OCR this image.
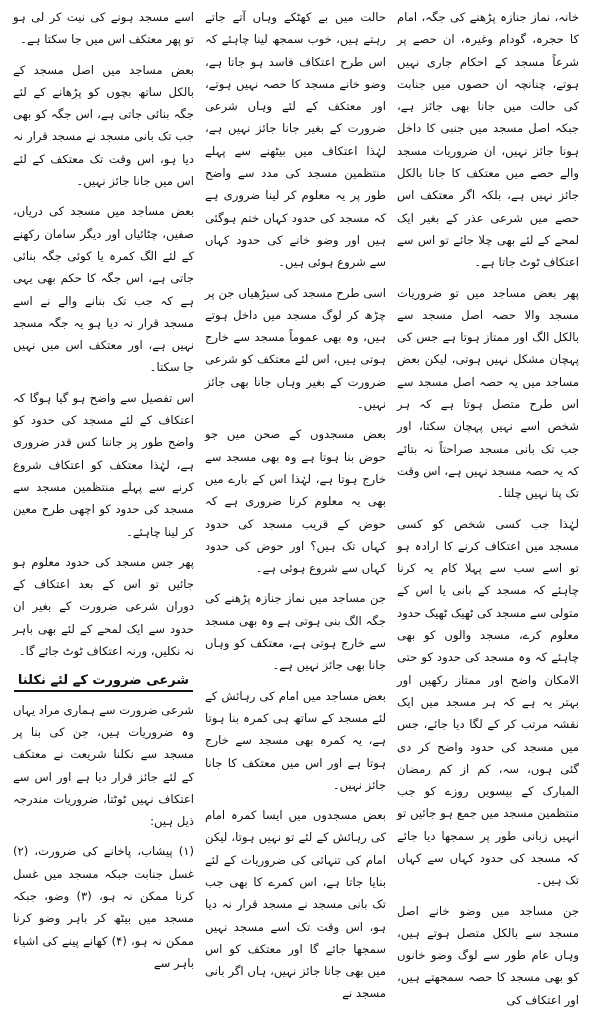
خانہ، نماز جنازہ پڑھنے کی جگہ، امام کا حجرہ، گودام وغیرہ، ان حصے پر شرعاً مسجد کے احکام جاری نہیں ہوتے، چنانچہ ان حصوں میں جنابت کی حالت میں جانا بھی جائز ہے، جبکہ اصل مسجد میں جنبی کا داخل ہونا جائز نہیں، ان ضروریات مسجد والے حصے میں معتکف کا جانا بالکل جائز نہیں ہے، بلکہ اگر معتکف اس حصے میں شرعی عذر کے بغیر ایک لمحے کے لئے بھی چلا جائے تو اس سے اعتکاف ٹوٹ جاتا ہے۔

پھر بعض مساجد میں تو ضروریات مسجد والا حصہ اصل مسجد سے بالکل الگ اور ممتاز ہوتا ہے جس کی پہچان مشکل نہیں ہوتی، لیکن بعض مساجد میں یہ حصہ اصل مسجد سے اس طرح متصل ہوتا ہے کہ ہر شخص اسے نہیں پہچان سکتا، اور جب تک بانی مسجد صراحتاً نہ بتائے کہ یہ حصہ مسجد نہیں ہے، اس وقت تک پتا نہیں چلتا۔

لہٰذا جب کسی شخص کو کسی مسجد میں اعتکاف کرنے کا ارادہ ہو تو اسے سب سے پہلا کام یہ کرنا چاہئے کہ مسجد کے بانی یا اس کے متولی سے مسجد کی ٹھیک ٹھیک حدود معلوم کرے، مسجد والوں کو بھی چاہئے کہ وہ مسجد کی حدود کو حتی الامکان واضح اور ممتاز رکھیں اور بہتر یہ ہے کہ ہر مسجد میں ایک نقشہ مرتب کر کے لگا دیا جائے، جس میں مسجد کی حدود واضح کر دی گئی ہوں، سہ، کم از کم رمضان المبارک کے بیسویں روزے کو جب منتظمین مسجد میں جمع ہو جائیں تو انہیں زبانی طور پر سمجھا دیا جائے کہ مسجد کی حدود کہاں سے کہاں تک ہیں۔

جن مساجد میں وضو خانے اصل مسجد سے بالکل متصل ہوتے ہیں، وہاں عام طور سے لوگ وضو خانوں کو بھی مسجد کا حصہ سمجھتے ہیں، اور اعتکاف کی

حالت میں بے کھٹکے وہاں آتے جاتے رہتے ہیں، خوب سمجھ لینا چاہئے کہ اس طرح اعتکاف فاسد ہو جاتا ہے، وضو خانے مسجد کا حصہ نہیں ہوتے، اور معتکف کے لئے وہاں شرعی ضرورت کے بغیر جانا جائز نہیں ہے، لہٰذا اعتکاف میں بیٹھنے سے پہلے منتظمین مسجد کی مدد سے واضح طور پر یہ معلوم کر لینا ضروری ہے کہ مسجد کی حدود کہاں ختم ہوگئی ہیں اور وضو خانے کی حدود کہاں سے شروع ہوئی ہیں۔

اسی طرح مسجد کی سیڑھیاں جن پر چڑھ کر لوگ مسجد میں داخل ہوتے ہیں، وہ بھی عموماً مسجد سے خارج ہوتی ہیں، اس لئے معتکف کو شرعی ضرورت کے بغیر وہاں جانا بھی جائز نہیں۔

بعض مسجدوں کے صحن میں جو حوض بنا ہوتا ہے وہ بھی مسجد سے خارج ہوتا ہے، لہٰذا اس کے بارے میں بھی یہ معلوم کرنا ضروری ہے کہ حوض کے قریب مسجد کی حدود کہاں تک ہیں؟ اور حوض کی حدود کہاں سے شروع ہوئی ہے۔

جن مساجد میں نماز جنازہ پڑھنے کی جگہ الگ بنی ہوتی ہے وہ بھی مسجد سے خارج ہوتی ہے، معتکف کو وہاں جانا بھی جائز نہیں ہے۔

بعض مساجد میں امام کی رہائش کے لئے مسجد کے ساتھ ہی کمرہ بنا ہوتا ہے، یہ کمرہ بھی مسجد سے خارج ہوتا ہے اور اس میں معتکف کا جانا جائز نہیں۔

بعض مسجدوں میں ایسا کمرہ امام کی رہائش کے لئے تو نہیں ہوتا، لیکن امام کی تنہائی کی ضروریات کے لئے بنایا جاتا ہے، اس کمرے کا بھی جب تک بانی مسجد نے مسجد قرار نہ دیا ہو، اس وقت تک اسے مسجد نہیں سمجھا جائے گا اور معتکف کو اس میں بھی جانا جائز نہیں، ہاں اگر بانی مسجد نے

اسے مسجد ہونے کی نیت کر لی ہو تو پھر معتکف اس میں جا سکتا ہے۔

بعض مساجد میں اصل مسجد کے بالکل ساتھ بچوں کو پڑھانے کے لئے جگہ بنائی جاتی ہے، اس جگہ کو بھی جب تک بانی مسجد نے مسجد قرار نہ دیا ہو، اس وقت تک معتکف کے لئے اس میں جانا جائز نہیں۔

بعض مساجد میں مسجد کی دریاں، صفیں، چٹائیاں اور دیگر سامان رکھنے کے لئے الگ کمرہ یا کوئی جگہ بنائی جاتی ہے، اس جگہ کا حکم بھی یہی ہے کہ جب تک بنانے والے نے اسے مسجد قرار نہ دیا ہو یہ جگہ مسجد نہیں ہے، اور معتکف اس میں نہیں جا سکتا۔

اس تفصیل سے واضح ہو گیا ہوگا کہ اعتکاف کے لئے مسجد کی حدود کو واضح طور پر جاننا کس قدر ضروری ہے، لہٰذا معتکف کو اعتکاف شروع کرنے سے پہلے منتظمین مسجد سے مسجد کی حدود کو اچھی طرح معین کر لینا چاہئے۔

پھر جس مسجد کی حدود معلوم ہو جائیں تو اس کے بعد اعتکاف کے دوران شرعی ضرورت کے بغیر ان حدود سے ایک لمحے کے لئے بھی باہر نہ نکلیں، ورنہ اعتکاف ٹوٹ جائے گا۔

شرعی ضرورت کے لئے نکلنا

شرعی ضرورت سے ہماری مراد یہاں وہ ضروریات ہیں، جن کی بنا پر مسجد سے نکلنا شریعت نے معتکف کے لئے جائز قرار دیا ہے اور اس سے اعتکاف نہیں ٹوٹتا، ضروریات مندرجہ ذیل ہیں:

(۱) پیشاب، پاخانے کی ضرورت، (۲) غسل جنابت جبکہ مسجد میں غسل کرنا ممکن نہ ہو، (۳) وضو، جبکہ مسجد میں بیٹھ کر باہر وضو کرنا ممکن نہ ہو، (۴) کھانے پینے کی اشیاء باہر سے
